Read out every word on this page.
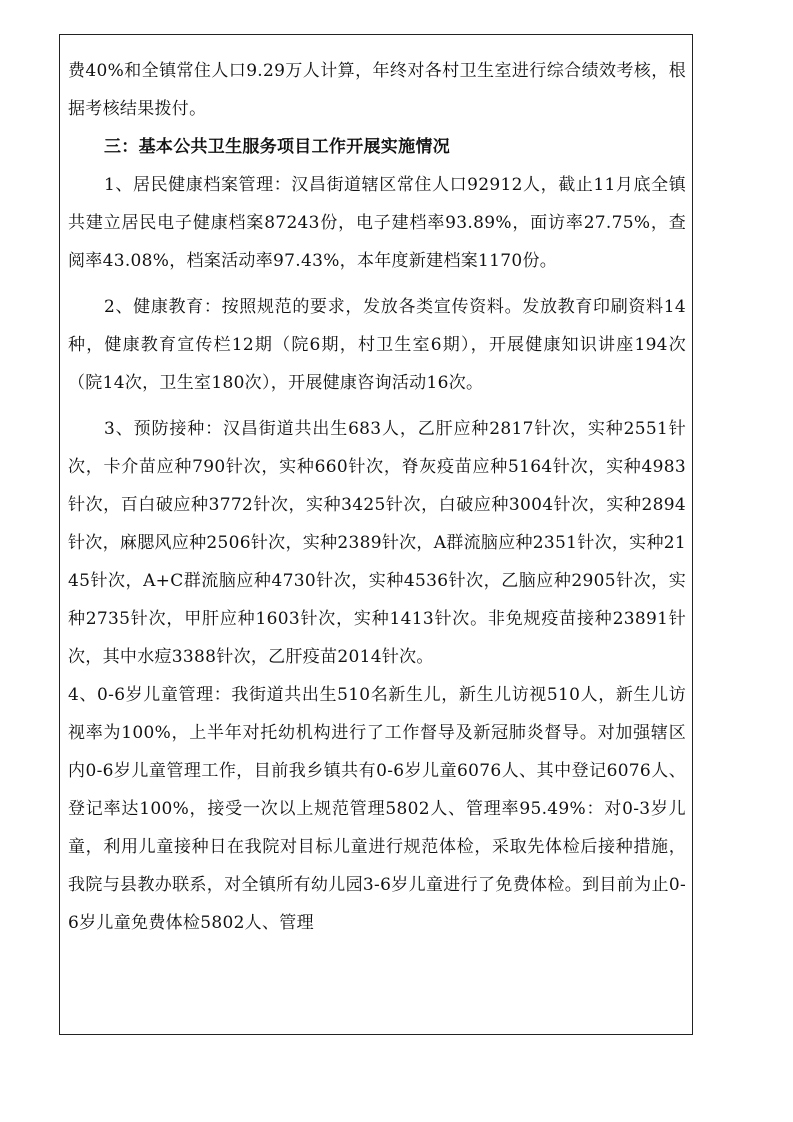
费40%和全镇常住人口9.29万人计算，年终对各村卫生室进行综合绩效考核，根据考核结果拨付。

三：基本公共卫生服务项目工作开展实施情况

1、居民健康档案管理：汉昌街道辖区常住人口92912人，截止11月底全镇共建立居民电子健康档案87243份，电子建档率93.89%，面访率27.75%，查阅率43.08%，档案活动率97.43%，本年度新建档案1170份。

2、健康教育：按照规范的要求，发放各类宣传资料。发放教育印刷资料14种，健康教育宣传栏12期（院6期，村卫生室6期），开展健康知识讲座194次（院14次，卫生室180次），开展健康咨询活动16次。

3、预防接种：汉昌街道共出生683人，乙肝应种2817针次，实种2551针次，卡介苗应种790针次，实种660针次，脊灰疫苗应种5164针次，实种4983针次，百白破应种3772针次，实种3425针次，白破应种3004针次，实种2894针次，麻腮风应种2506针次，实种2389针次，A群流脑应种2351针次，实种2145针次，A+C群流脑应种4730针次，实种4536针次，乙脑应种2905针次，实种2735针次，甲肝应种1603针次，实种1413针次。非免规疫苗接种23891针次，其中水痘3388针次，乙肝疫苗2014针次。

4、0-6岁儿童管理：我街道共出生510名新生儿，新生儿访视510人，新生儿访视率为100%，上半年对托幼机构进行了工作督导及新冠肺炎督导。对加强辖区内0-6岁儿童管理工作，目前我乡镇共有0-6岁儿童6076人、其中登记6076人、登记率达100%，接受一次以上规范管理5802人、管理率95.49%：对0-3岁儿童，利用儿童接种日在我院对目标儿童进行规范体检，采取先体检后接种措施，我院与县教办联系，对全镇所有幼儿园3-6岁儿童进行了免费体检。到目前为止0-6岁儿童免费体检5802人、管理
